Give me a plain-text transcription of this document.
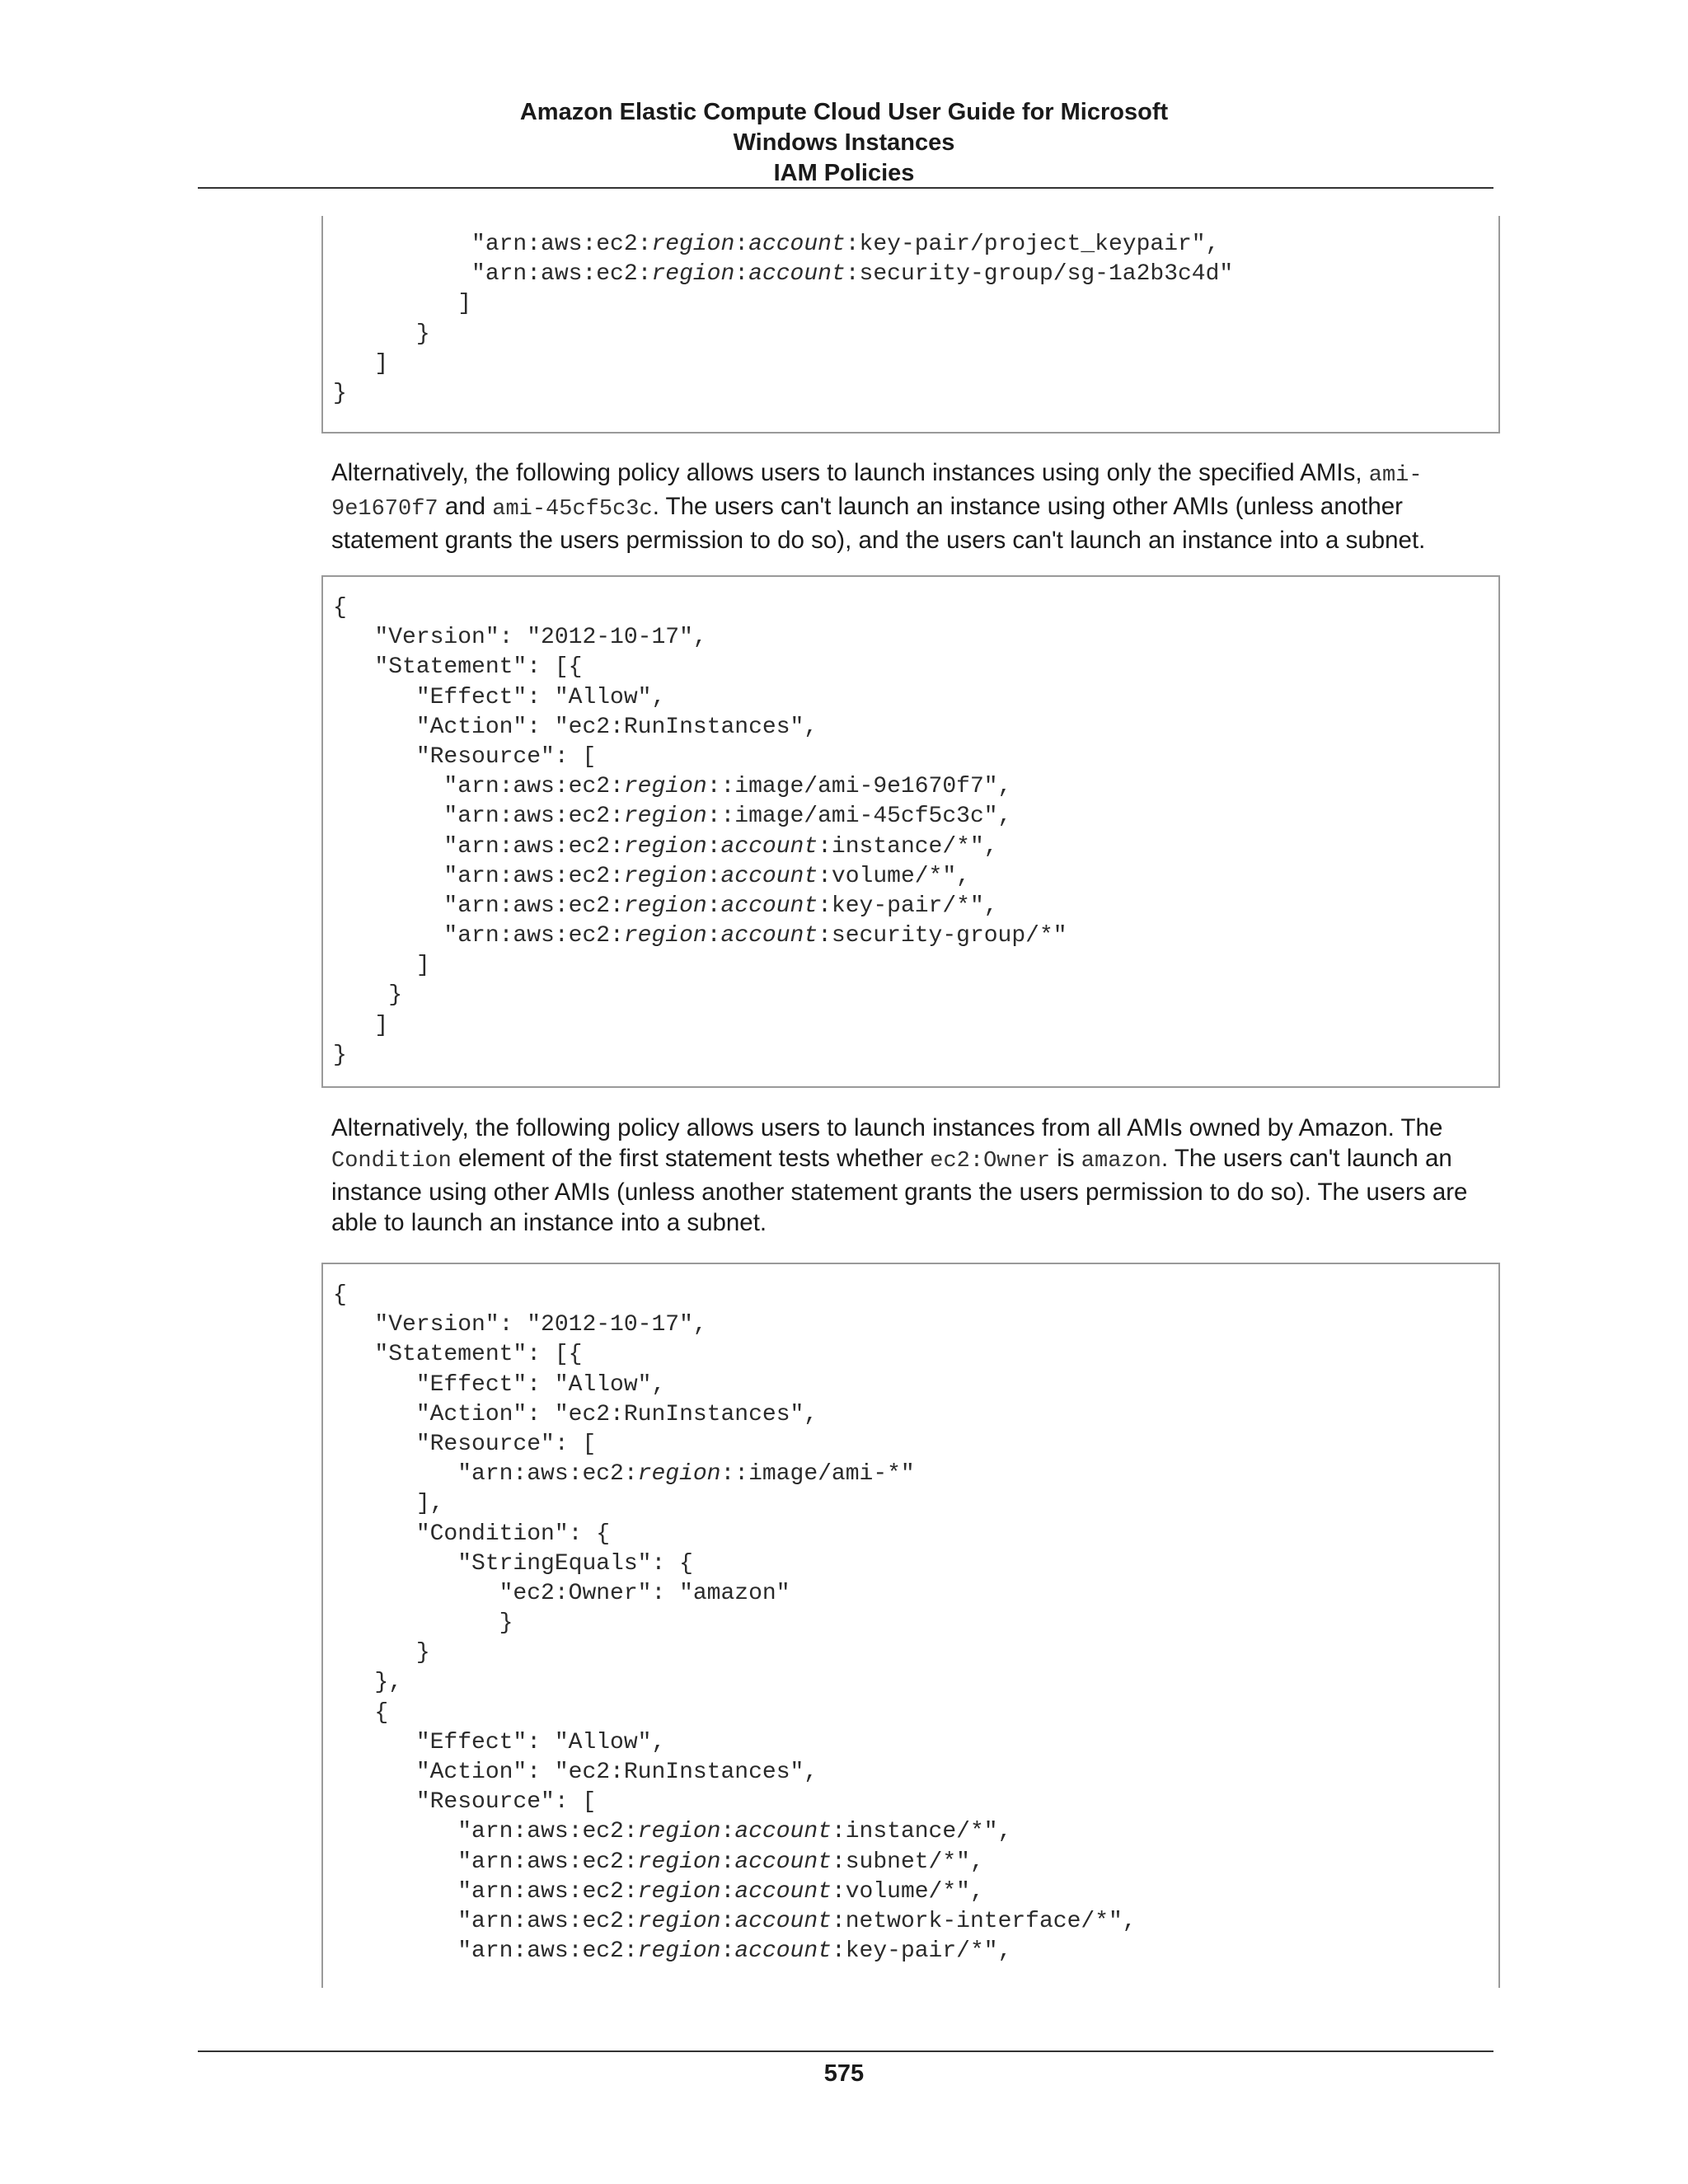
Amazon Elastic Compute Cloud User Guide for Microsoft
Windows Instances
IAM Policies
"arn:aws:ec2:region:account:key-pair/project_keypair",
"arn:aws:ec2:region:account:security-group/sg-1a2b3c4d"
]
}
]
}

Alternatively, the following policy allows users to launch instances using only the specified AMIs, ami-9e1670f7 and ami-45cf5c3c. The users can't launch an instance using other AMIs (unless another statement grants the users permission to do so), and the users can't launch an instance into a subnet.

{
"Version": "2012-10-17",
"Statement": [{
"Effect": "Allow",
"Action": "ec2:RunInstances",
"Resource": [
"arn:aws:ec2:region::image/ami-9e1670f7",
"arn:aws:ec2:region::image/ami-45cf5c3c",
"arn:aws:ec2:region:account:instance/*",
"arn:aws:ec2:region:account:volume/*",
"arn:aws:ec2:region:account:key-pair/*",
"arn:aws:ec2:region:account:security-group/*"
]
}
]
}

Alternatively, the following policy allows users to launch instances from all AMIs owned by Amazon. The Condition element of the first statement tests whether ec2:Owner is amazon. The users can't launch an instance using other AMIs (unless another statement grants the users permission to do so). The users are able to launch an instance into a subnet.

{
"Version": "2012-10-17",
"Statement": [{
"Effect": "Allow",
"Action": "ec2:RunInstances",
"Resource": [
"arn:aws:ec2:region::image/ami-*"
],
"Condition": {
"StringEquals": {
"ec2:Owner": "amazon"
}
}
},
{
"Effect": "Allow",
"Action": "ec2:RunInstances",
"Resource": [
"arn:aws:ec2:region:account:instance/*",
"arn:aws:ec2:region:account:subnet/*",
"arn:aws:ec2:region:account:volume/*",
"arn:aws:ec2:region:account:network-interface/*",
"arn:aws:ec2:region:account:key-pair/*",
575
